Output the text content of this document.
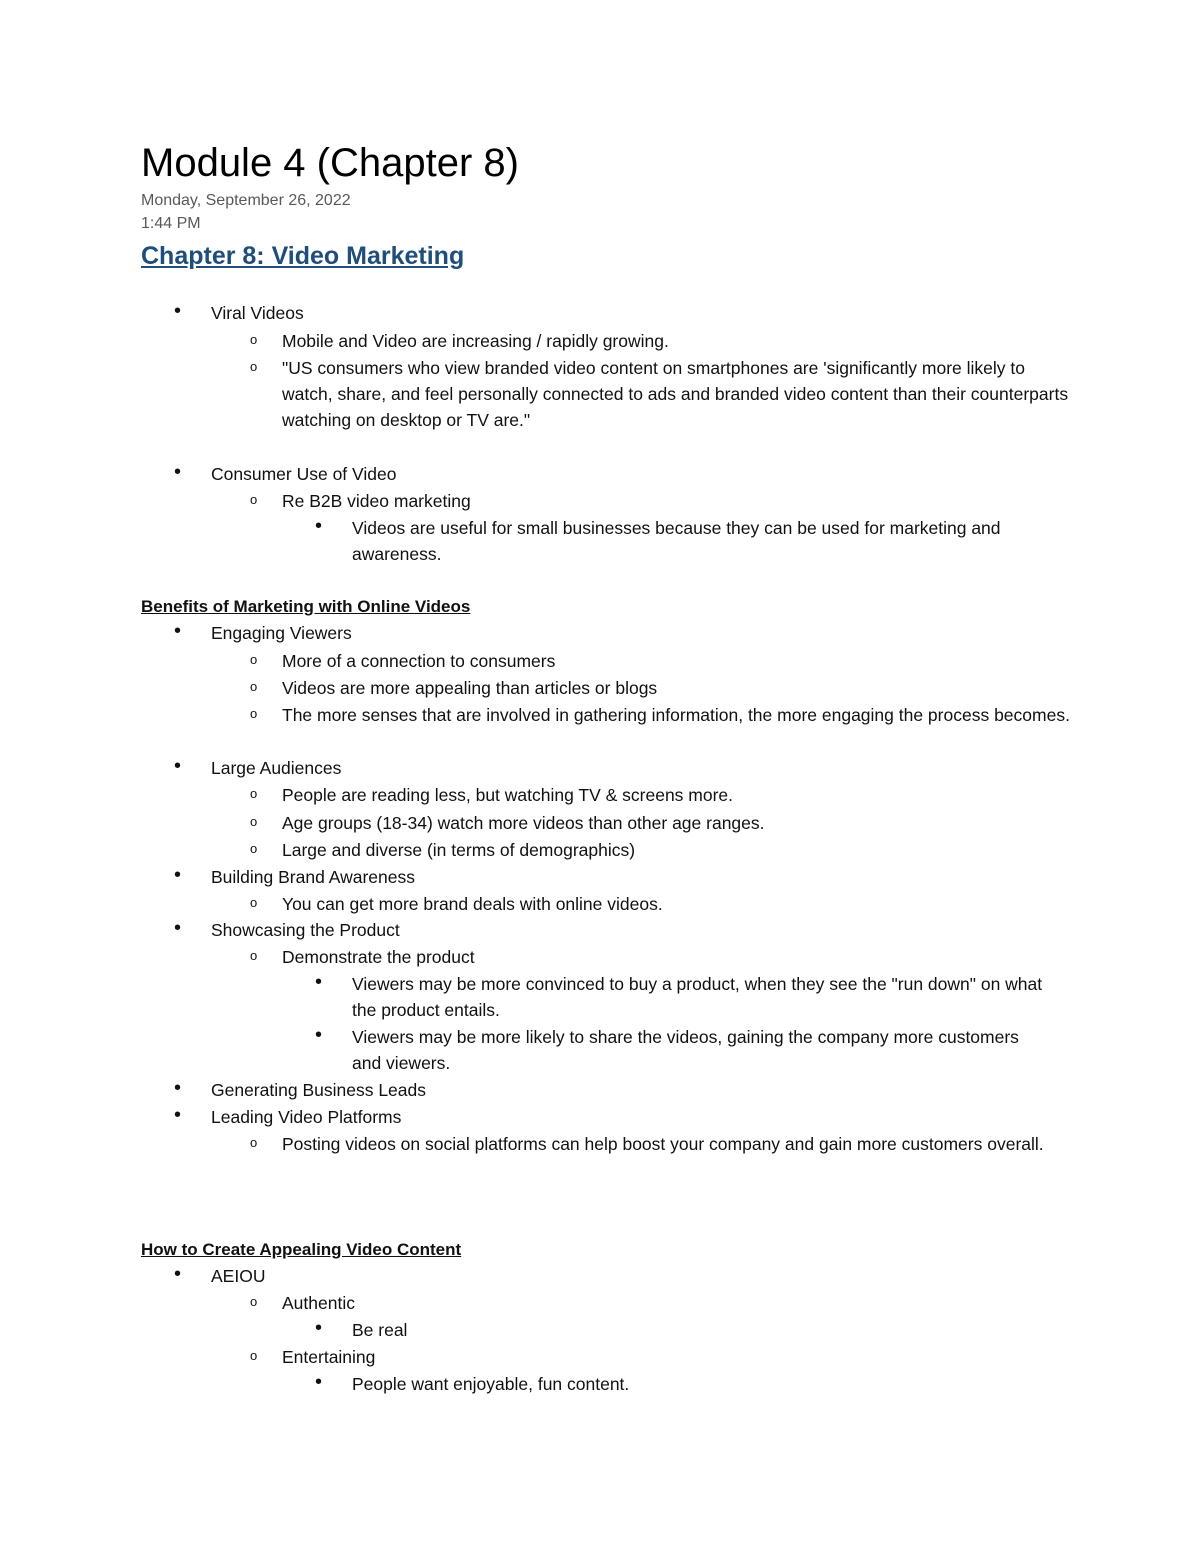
Module 4 (Chapter 8)
Monday, September 26, 2022
1:44 PM
Chapter 8: Video Marketing
• Viral Videos
o Mobile and Video are increasing / rapidly growing.
o "US consumers who view branded video content on smartphones are 'significantly more likely to watch, share, and feel personally connected to ads and branded video content than their counterparts watching on desktop or TV are."
• Consumer Use of Video
o Re B2B video marketing
• Videos are useful for small businesses because they can be used for marketing and awareness.
Benefits of Marketing with Online Videos
• Engaging Viewers
o More of a connection to consumers
o Videos are more appealing than articles or blogs
o The more senses that are involved in gathering information, the more engaging the process becomes.
• Large Audiences
o People are reading less, but watching TV & screens more.
o Age groups (18-34) watch more videos than other age ranges.
o Large and diverse (in terms of demographics)
• Building Brand Awareness
o You can get more brand deals with online videos.
• Showcasing the Product
o Demonstrate the product
• Viewers may be more convinced to buy a product, when they see the "run down" on what the product entails.
• Viewers may be more likely to share the videos, gaining the company more customers and viewers.
• Generating Business Leads
• Leading Video Platforms
o Posting videos on social platforms can help boost your company and gain more customers overall.
How to Create Appealing Video Content
• AEIOU
o Authentic
• Be real
o Entertaining
• People want enjoyable, fun content.
